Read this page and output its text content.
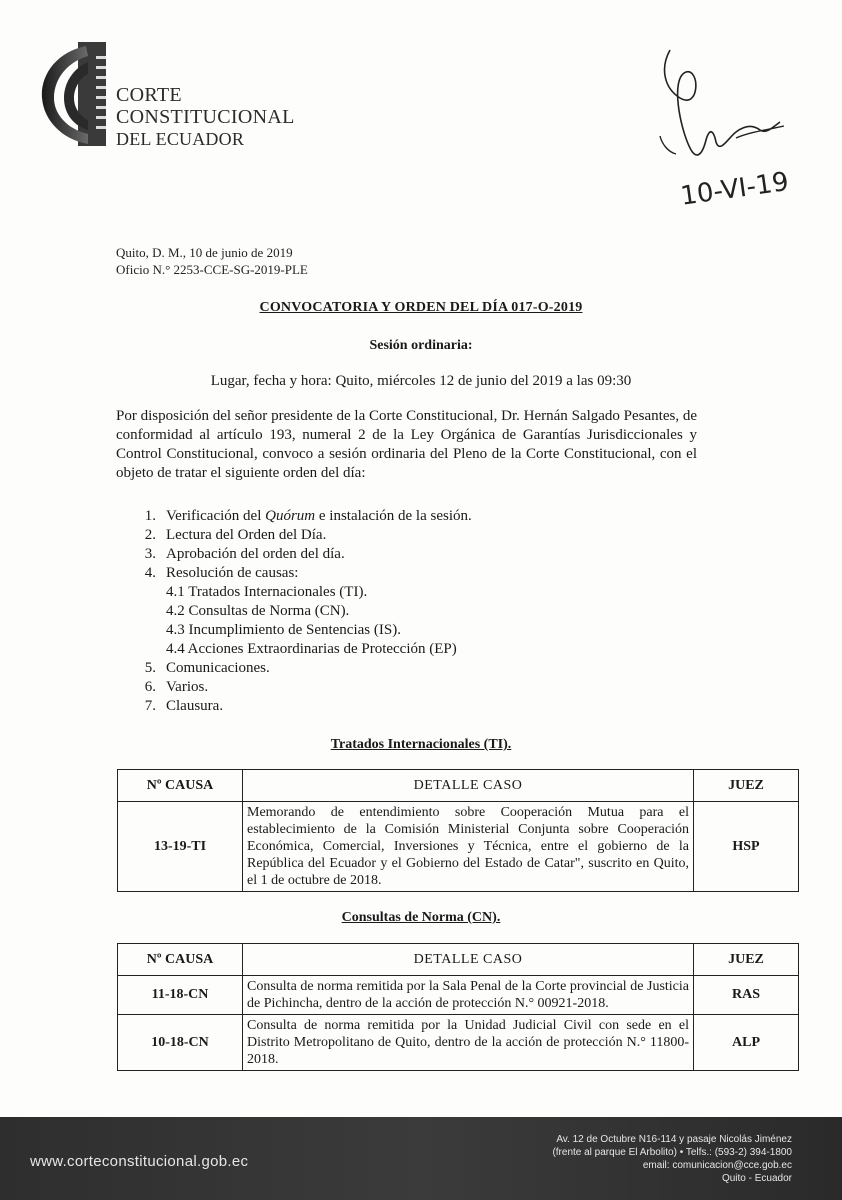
CORTE
CONSTITUCIONAL
DEL ECUADOR
10-VI-19
Quito, D. M., 10 de junio de 2019
Oficio N.° 2253-CCE-SG-2019-PLE
CONVOCATORIA Y ORDEN DEL DÍA 017-O-2019
Sesión ordinaria:
Lugar, fecha y hora: Quito, miércoles 12 de junio del 2019 a las 09:30
Por disposición del señor presidente de la Corte Constitucional, Dr. Hernán Salgado Pesantes, de conformidad al artículo 193, numeral 2 de la Ley Orgánica de Garantías Jurisdiccionales y Control Constitucional, convoco a sesión ordinaria del Pleno de la Corte Constitucional, con el objeto de tratar el siguiente orden del día:
1. Verificación del Quórum e instalación de la sesión.
2. Lectura del Orden del Día.
3. Aprobación del orden del día.
4. Resolución de causas:
4.1 Tratados Internacionales (TI).
4.2 Consultas de Norma (CN).
4.3 Incumplimiento de Sentencias (IS).
4.4 Acciones Extraordinarias de Protección (EP)
5. Comunicaciones.
6. Varios.
7. Clausura.
Tratados Internacionales (TI).
Nº CAUSA	DETALLE CASO	JUEZ
13-19-TI	Memorando de entendimiento sobre Cooperación Mutua para el establecimiento de la Comisión Ministerial Conjunta sobre Cooperación Económica, Comercial, Inversiones y Técnica, entre el gobierno de la República del Ecuador y el Gobierno del Estado de Catar", suscrito en Quito, el 1 de octubre de 2018.	HSP
Consultas de Norma (CN).
Nº CAUSA	DETALLE CASO	JUEZ
11-18-CN	Consulta de norma remitida por la Sala Penal de la Corte provincial de Justicia de Pichincha, dentro de la acción de protección N.° 00921-2018.	RAS
10-18-CN	Consulta de norma remitida por la Unidad Judicial Civil con sede en el Distrito Metropolitano de Quito, dentro de la acción de protección N.° 11800-2018.	ALP
www.corteconstitucional.gob.ec
Av. 12 de Octubre N16-114 y pasaje Nicolás Jiménez
(frente al parque El Arbolito) • Telfs.: (593-2) 394-1800
email: comunicacion@cce.gob.ec
Quito - Ecuador
